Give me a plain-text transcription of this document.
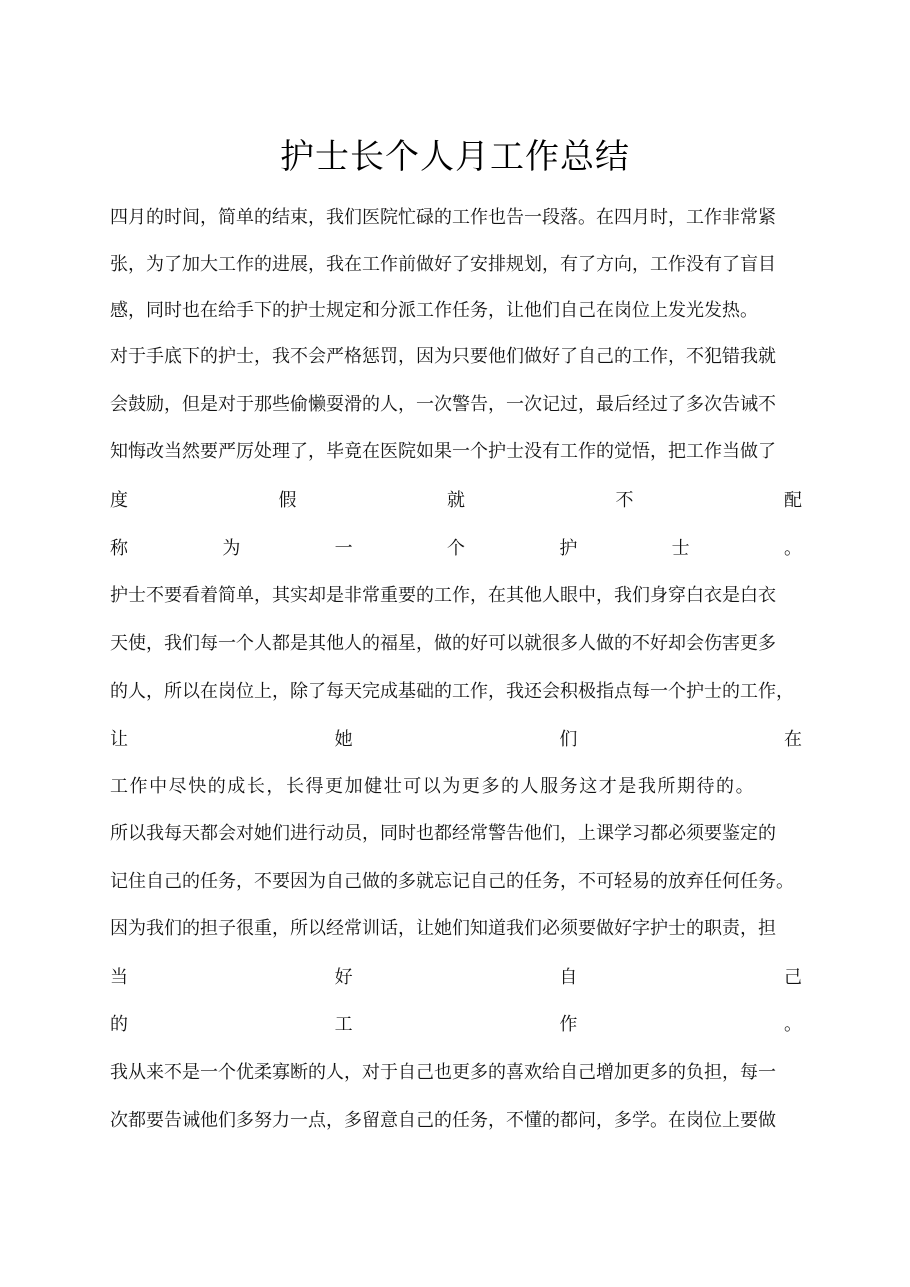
护士长个人月工作总结
四月的时间，简单的结束，我们医院忙碌的工作也告一段落。在四月时，工作非常紧
张，为了加大工作的进展，我在工作前做好了安排规划，有了方向，工作没有了盲目
感，同时也在给手下的护士规定和分派工作任务，让他们自己在岗位上发光发热。
对于手底下的护士，我不会严格惩罚，因为只要他们做好了自己的工作，不犯错我就
会鼓励，但是对于那些偷懒耍滑的人，一次警告，一次记过，最后经过了多次告诫不
知悔改当然要严厉处理了，毕竟在医院如果一个护士没有工作的觉悟，把工作当做了
度	假	就	不	配
称	为	一	个	护	士	。
护士不要看着简单，其实却是非常重要的工作，在其他人眼中，我们身穿白衣是白衣
天使，我们每一个人都是其他人的福星，做的好可以就很多人做的不好却会伤害更多
的人，所以在岗位上，除了每天完成基础的工作，我还会积极指点每一个护士的工作，
让	她	们	在
工作中尽快的成长，长得更加健壮可以为更多的人服务这才是我所期待的。
所以我每天都会对她们进行动员，同时也都经常警告他们，上课学习都必须要鉴定的
记住自己的任务，不要因为自己做的多就忘记自己的任务，不可轻易的放弃任何任务。
因为我们的担子很重，所以经常训话，让她们知道我们必须要做好字护士的职责，担
当	好	自	己
的	工	作	。
我从来不是一个优柔寡断的人，对于自己也更多的喜欢给自己增加更多的负担，每一
次都要告诫他们多努力一点，多留意自己的任务，不懂的都问，多学。在岗位上要做
